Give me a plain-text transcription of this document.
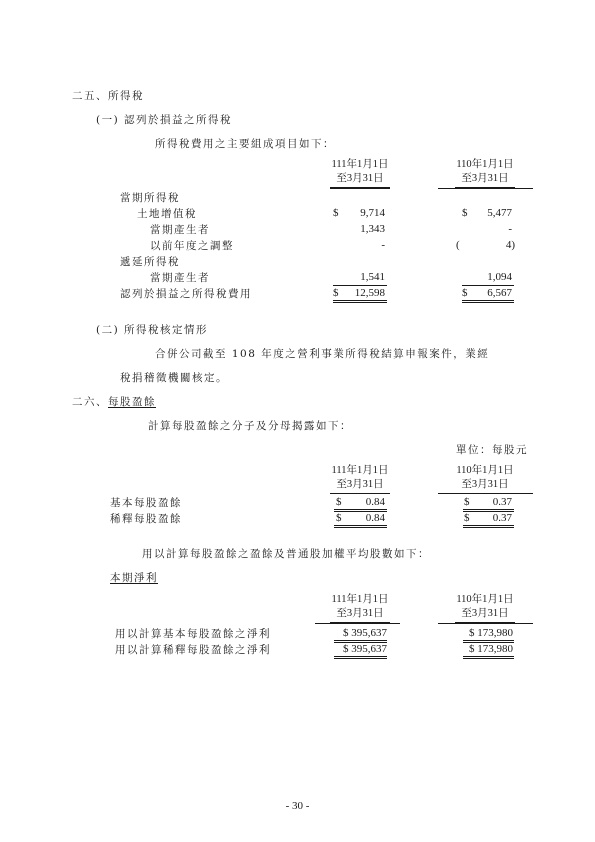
二五、所得稅
(一) 認列於損益之所得稅
所得稅費用之主要組成項目如下：
111年1月1日
至3月31日
110年1月1日
至3月31日
當期所得稅
土地增值稅	$	9,714	$	5,477
當期產生者	1,343	-
以前年度之調整	-	(	4)
遞延所得稅
當期產生者	1,541	1,094
認列於損益之所得稅費用	$	12,598	$	6,567
(二) 所得稅核定情形
合併公司截至 108 年度之營利事業所得稅結算申報案件，業經
稅捐稽徵機關核定。
二六、每股盈餘
計算每股盈餘之分子及分母揭露如下：
單位：每股元
111年1月1日
至3月31日
110年1月1日
至3月31日
基本每股盈餘	$	0.84	$	0.37
稀釋每股盈餘	$	0.84	$	0.37
用以計算每股盈餘之盈餘及普通股加權平均股數如下：
本期淨利
111年1月1日
至3月31日
110年1月1日
至3月31日
用以計算基本每股盈餘之淨利	$ 395,637	$ 173,980
用以計算稀釋每股盈餘之淨利	$ 395,637	$ 173,980
- 30 -
